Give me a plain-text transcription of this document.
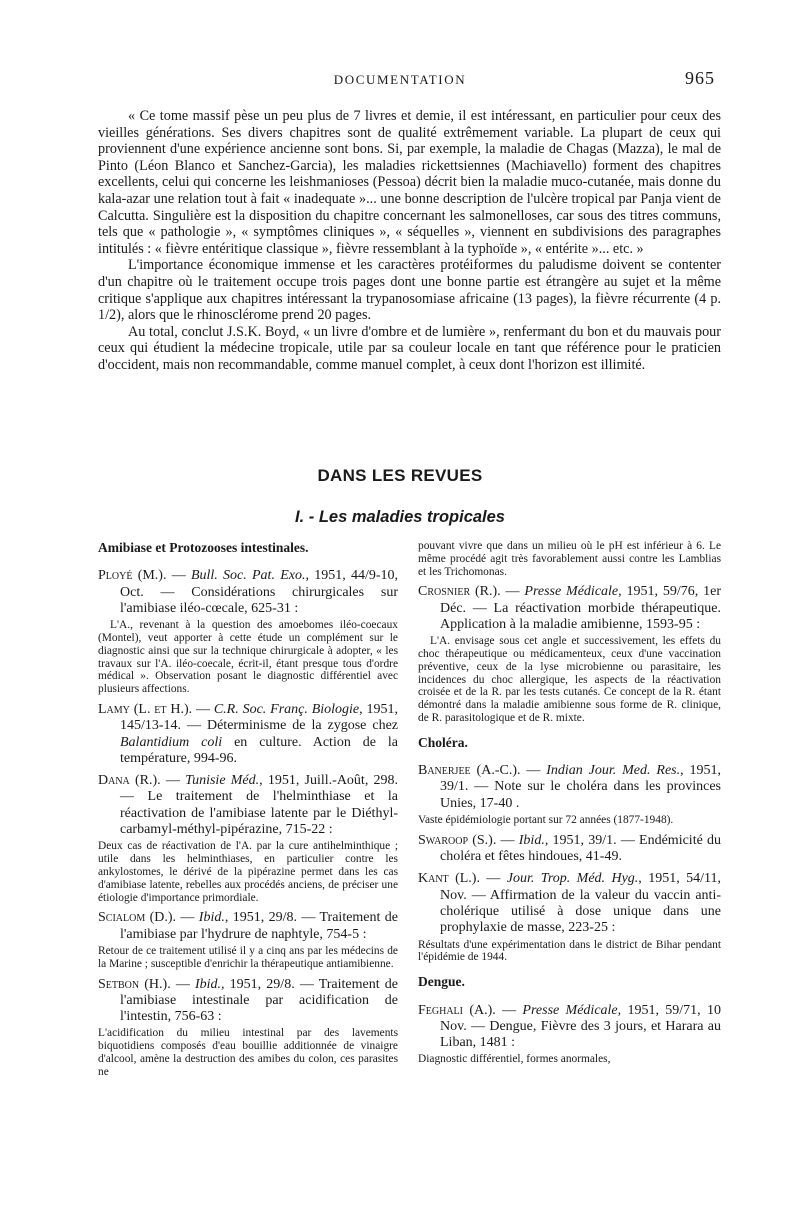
DOCUMENTATION	965

« Ce tome massif pèse un peu plus de 7 livres et demie, il est intéressant, en particulier pour ceux des vieilles générations. Ses divers chapitres sont de qualité extrêmement variable. La plupart de ceux qui proviennent d'une expérience ancienne sont bons. Si, par exemple, la maladie de Chagas (Mazza), le mal de Pinto (Léon Blanco et Sanchez-Garcia), les maladies rickettsiennes (Machiavello) forment des chapitres excellents, celui qui concerne les leishmanioses (Pessoa) décrit bien la maladie muco-cutanée, mais donne du kala-azar une relation tout à fait « inadequate »... une bonne description de l'ulcère tropical par Panja vient de Calcutta. Singulière est la disposition du chapitre concernant les salmonelloses, car sous des titres communs, tels que « pathologie », « symptômes cliniques », « séquelles », viennent en subdivisions des paragraphes intitulés : « fièvre entéritique classique », fièvre ressemblant à la typhoïde », « entérite »... etc. »

L'importance économique immense et les caractères protéiformes du paludisme doivent se contenter d'un chapitre où le traitement occupe trois pages dont une bonne partie est étrangère au sujet et la même critique s'applique aux chapitres intéressant la trypanosomiase africaine (13 pages), la fièvre récurrente (4 p. 1/2), alors que le rhinosclérome prend 20 pages.

Au total, conclut J.S.K. Boyd, « un livre d'ombre et de lumière », renfermant du bon et du mauvais pour ceux qui étudient la médecine tropicale, utile par sa couleur locale en tant que référence pour le praticien d'occident, mais non recommandable, comme manuel complet, à ceux dont l'horizon est illimité.

DANS LES REVUES
I. - Les maladies tropicales
Amibiase et Protozooses intestinales.

Ployé (M.). — Bull. Soc. Pat. Exo., 1951, 44/9-10, Oct. — Considérations chirurgicales sur l'amibiase iléo-cœcale, 625-31 :

L'A., revenant à la question des amoebomes iléo-coecaux (Montel), veut apporter à cette étude un complément sur le diagnostic ainsi que sur la technique chirurgicale à adopter, « les travaux sur l'A. iléo-coecale, écrit-il, étant presque tous d'ordre médical ». Observation posant le diagnostic différentiel avec plusieurs affections.

Lamy (L. et H.). — C.R. Soc. Franç. Biologie, 1951, 145/13-14. — Déterminisme de la zygose chez Balantidium coli en culture. Action de la température, 994-96.

Dana (R.). — Tunisie Méd., 1951, Juill.-Août, 298. — Le traitement de l'helminthiase et la réactivation de l'amibiase latente par le Diéthyl-carbamyl-méthyl-pipérazine, 715-22 :

Deux cas de réactivation de l'A. par la cure antihelminthique ; utile dans les helminthiases, en particulier contre les ankylostomes, le dérivé de la pipérazine permet dans les cas d'amibiase latente, rebelles aux procédés anciens, de préciser une étiologie d'importance primordiale.

Scialom (D.). — Ibid., 1951, 29/8. — Traitement de l'amibiase par l'hydrure de naphtyle, 754-5 :

Retour de ce traitement utilisé il y a cinq ans par les médecins de la Marine ; susceptible d'enrichir la thérapeutique antiamibienne.

Setbon (H.). — Ibid., 1951, 29/8. — Traitement de l'amibiase intestinale par acidification de l'intestin, 756-63 :

L'acidification du milieu intestinal par des lavements biquotidiens composés d'eau bouillie additionnée de vinaigre d'alcool, amène la destruction des amibes du colon, ces parasites ne

pouvant vivre que dans un milieu où le pH est inférieur à 6. Le même procédé agit très favorablement aussi contre les Lamblias et les Trichomonas.

Crosnier (R.). — Presse Médicale, 1951, 59/76, 1er Déc. — La réactivation morbide thérapeutique. Application à la maladie amibienne, 1593-95 :

L'A. envisage sous cet angle et successivement, les effets du choc thérapeutique ou médicamenteux, ceux d'une vaccination préventive, ceux de la lyse microbienne ou parasitaire, les incidences du choc allergique, les aspects de la réactivation croisée et de la R. par les tests cutanés. Ce concept de la R. étant démontré dans la maladie amibienne sous forme de R. clinique, de R. parasitologique et de R. mixte.

Choléra.

Banerjee (A.-C.). — Indian Jour. Med. Res., 1951, 39/1. — Note sur le choléra dans les provinces Unies, 17-40 .

Vaste épidémiologie portant sur 72 années (1877-1948).

Swaroop (S.). — Ibid., 1951, 39/1. — Endémicité du choléra et fêtes hindoues, 41-49.

Kant (L.). — Jour. Trop. Méd. Hyg., 1951, 54/11, Nov. — Affirmation de la valeur du vaccin anti-cholérique utilisé à dose unique dans une prophylaxie de masse, 223-25 :

Résultats d'une expérimentation dans le district de Bihar pendant l'épidémie de 1944.

Dengue.

Feghali (A.). — Presse Médicale, 1951, 59/71, 10 Nov. — Dengue, Fièvre des 3 jours, et Harara au Liban, 1481 :

Diagnostic différentiel, formes anormales,
